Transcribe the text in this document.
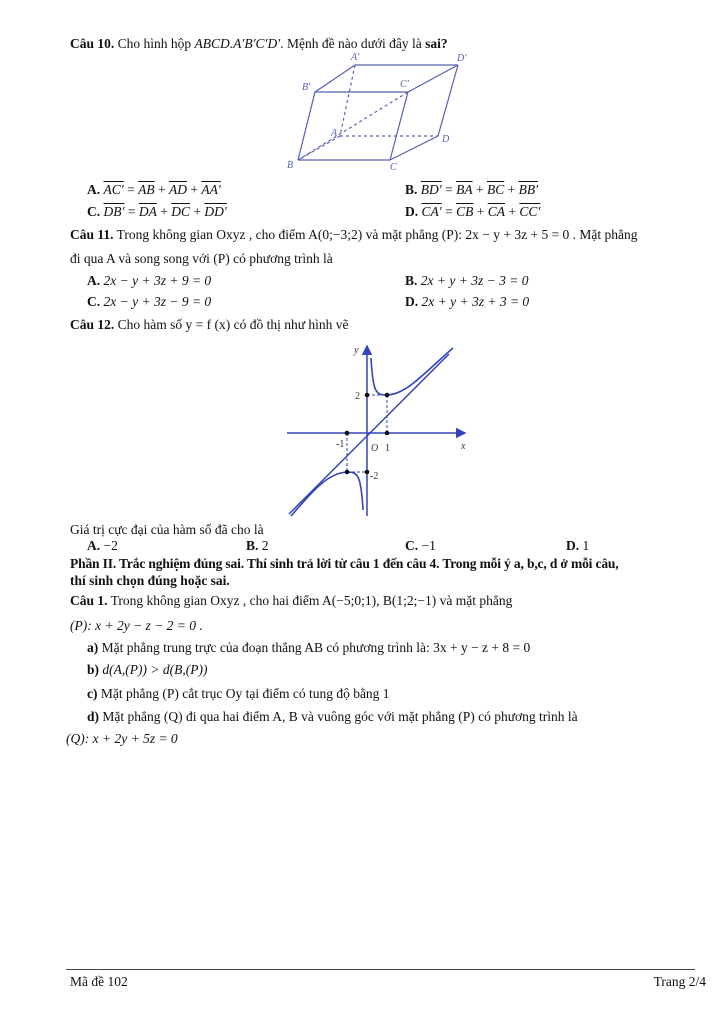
Câu 10. Cho hình hộp ABCD.A′B′C′D′. Mệnh đề nào dưới đây là sai?
A′	D′
B′	C′
A
D
B	C
A. $AC' = \overline{AB} + \overline{AD} + AA'$	B. $BD' = \overline{BA} + \overline{BC} + BB'$
C. $DB' = \overline{DA} + \overline{DC} + DD'$	D. $CA' = \overline{CB} + \overline{CA} + CC'$
Câu 11. Trong không gian Oxyz , cho điểm A(0;−3;2) và mặt phẳng (P): 2x − y + 3z + 5 = 0 . Mặt phẳng
đi qua A và song song với (P) có phương trình là
A. 2x − y + 3z + 9 = 0	B. 2x + y + 3z − 3 = 0
C. 2x − y + 3z − 9 = 0	D. 2x + y + 3z + 3 = 0
Câu 12. Cho hàm số y = f (x) có đồ thị như hình vẽ
y
x
2
-1	O 1
-2
Giá trị cực đại của hàm số đã cho là
A. −2	B. 2	C. −1	D. 1
Phần II. Trắc nghiệm đúng sai. Thí sinh trả lời từ câu 1 đến câu 4. Trong mỗi ý a, b,c, d ở mỗi câu,
thí sinh chọn đúng hoặc sai.
Câu 1. Trong không gian Oxyz , cho hai điểm A(−5;0;1), B(1;2;−1) và mặt phẳng
(P): x + 2y − z − 2 = 0 .
a) Mặt phẳng trung trực của đoạn thẳng AB có phương trình là: 3x + y − z + 8 = 0
b) d(A,(P)) > d(B,(P))
c) Mặt phẳng (P) cắt trục Oy tại điểm có tung độ bằng 1
d) Mặt phẳng (Q) đi qua hai điểm A, B và vuông góc với mặt phẳng (P) có phương trình là
(Q): x + 2y + 5z = 0
Mã đề 102	Trang 2/4
